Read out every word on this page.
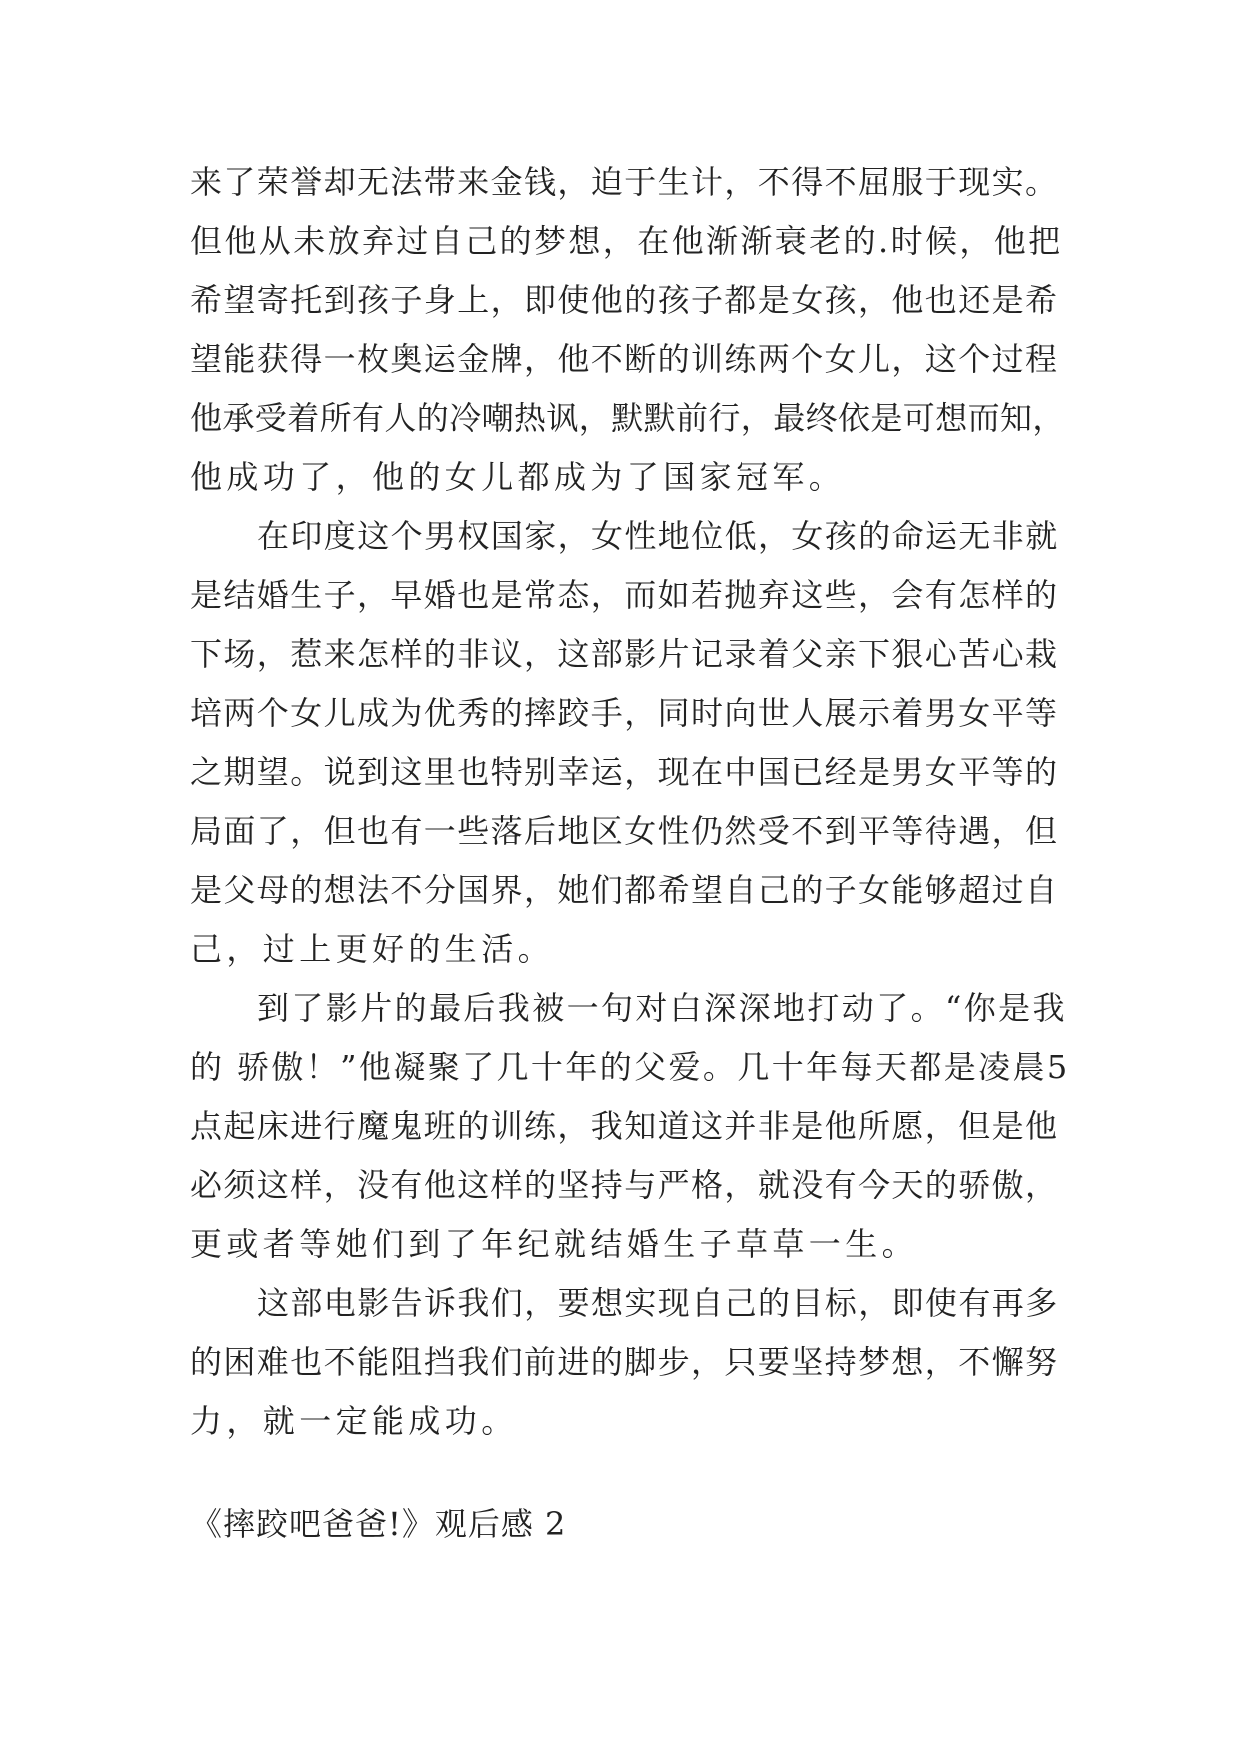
来了荣誉却无法带来金钱，迫于生计，不得不屈服于现实。
但他从未放弃过自己的梦想，在他渐渐衰老的.时候，他把
希望寄托到孩子身上，即使他的孩子都是女孩，他也还是希
望能获得一枚奥运金牌，他不断的训练两个女儿，这个过程
他承受着所有人的冷嘲热讽，默默前行，最终依是可想而知，
他成功了，他的女儿都成为了国家冠军。
在印度这个男权国家，女性地位低，女孩的命运无非就
是结婚生子，早婚也是常态，而如若抛弃这些，会有怎样的
下场，惹来怎样的非议，这部影片记录着父亲下狠心苦心栽
培两个女儿成为优秀的摔跤手，同时向世人展示着男女平等
之期望。说到这里也特别幸运，现在中国已经是男女平等的
局面了，但也有一些落后地区女性仍然受不到平等待遇，但
是父母的想法不分国界，她们都希望自己的子女能够超过自
己，过上更好的生活。
到了影片的最后我被一句对白深深地打动了。“你是我
的 骄傲！”他凝聚了几十年的父爱。几十年每天都是凌晨5
点起床进行魔鬼班的训练，我知道这并非是他所愿，但是他
必须这样，没有他这样的坚持与严格，就没有今天的骄傲，
更或者等她们到了年纪就结婚生子草草一生。
这部电影告诉我们，要想实现自己的目标，即使有再多
的困难也不能阻挡我们前进的脚步，只要坚持梦想，不懈努
力，就一定能成功。
《摔跤吧爸爸!》观后感 2
